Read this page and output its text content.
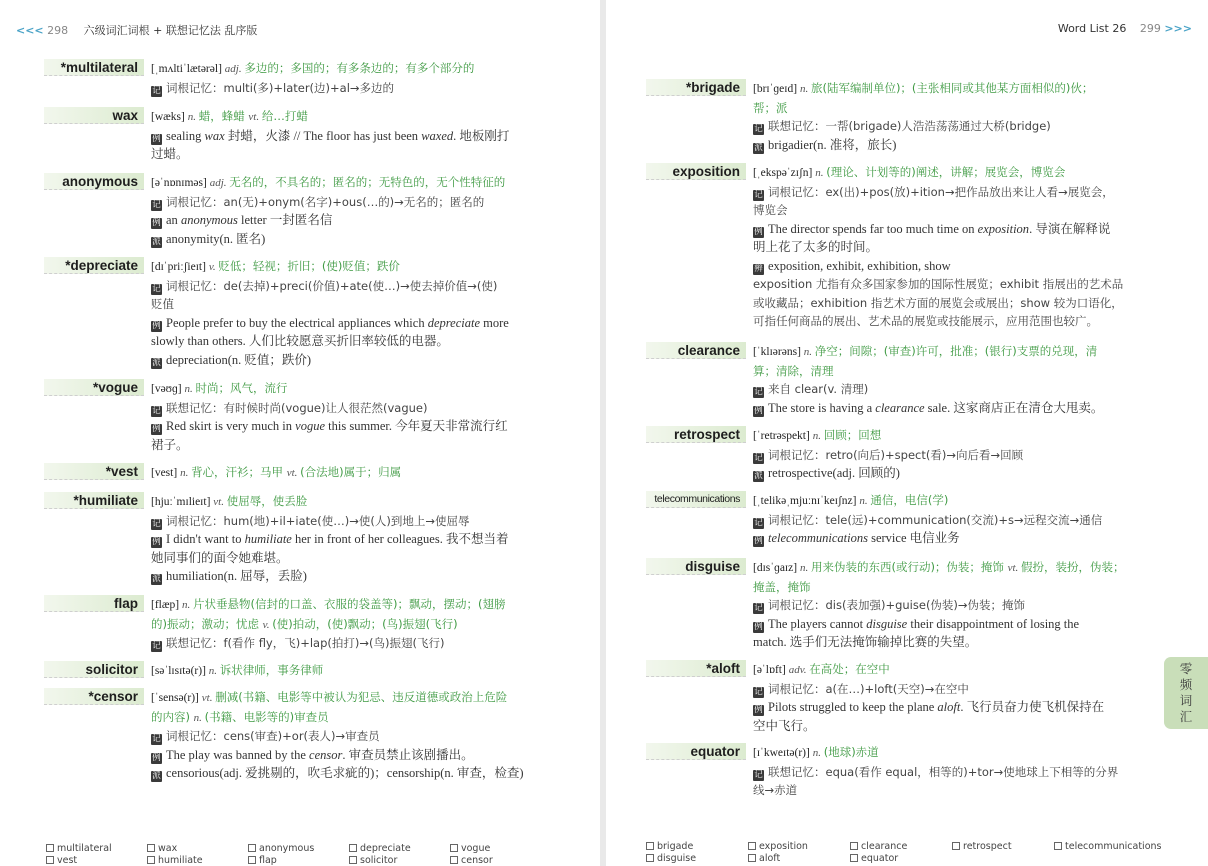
<<< 298 六级词汇词根 + 联想记忆法 乱序版
*multilateral [ˌmʌltiˈlætərəl] adj. 多边的；多国的；有多条边的；有多个部分的
记 词根记忆：multi(多)+later(边)+al→多边的
wax [wæks] n. 蜡，蜂蜡 vt. 给…打蜡
例 sealing wax 封蜡，火漆 // The floor has just been waxed. 地板刚打
过蜡。
anonymous [əˈnɒnɪməs] adj. 无名的，不具名的；匿名的；无特色的，无个性特征的
记 词根记忆：an(无)+onym(名字)+ous(…的)→无名的；匿名的
例 an anonymous letter 一封匿名信
派 anonymity(n. 匿名)
*depreciate [dɪˈpriːʃieɪt] v. 贬低；轻视；折旧；(使)贬值；跌价
记 词根记忆：de(去掉)+preci(价值)+ate(使…)→使去掉价值→(使)
贬值
例 People prefer to buy the electrical appliances which depreciate more
slowly than others. 人们比较愿意买折旧率较低的电器。
派 depreciation(n. 贬值；跌价)
*vogue [vəʊɡ] n. 时尚；风气，流行
记 联想记忆：有时候时尚(vogue)让人很茫然(vague)
例 Red skirt is very much in vogue this summer. 今年夏天非常流行红
裙子。
*vest [vest] n. 背心，汗衫；马甲 vt. (合法地)属于；归属
*humiliate [hjuːˈmɪlieɪt] vt. 使屈辱，使丢脸
记 词根记忆：hum(地)+il+iate(使…)→使(人)到地上→使屈辱
例 I didn't want to humiliate her in front of her colleagues. 我不想当着
她同事们的面令她难堪。
派 humiliation(n. 屈辱，丢脸)
flap [flæp] n. 片状垂悬物(信封的口盖、衣服的袋盖等)；飘动，摆动；(翅膀
的)振动；激动；忧虑 v. (使)拍动，(使)飘动；(鸟)振翅(飞行)
记 联想记忆：f(看作 fly，飞)+lap(拍打)→(鸟)振翅(飞行)
solicitor [səˈlɪsɪtə(r)] n. 诉状律师，事务律师
*censor [ˈsensə(r)] vt. 删减(书籍、电影等中被认为犯忌、违反道德或政治上危险
的内容) n. (书籍、电影等的)审查员
记 词根记忆：cens(审查)+or(表人)→审查员
例 The play was banned by the censor. 审查员禁止该剧播出。
派 censorious(adj. 爱挑剔的，吹毛求疵的)；censorship(n. 审查，检查)
multilateral	wax	anonymous	depreciate	vogue
vest	humiliate	flap	solicitor	censor
Word List 26 299 >>>
*brigade [brɪˈɡeɪd] n. 旅(陆军编制单位)；(主张相同或其他某方面相似的)伙；
帮；派
记 联想记忆：一帮(brigade)人浩浩荡荡通过大桥(bridge)
派 brigadier(n. 准将，旅长)
exposition [ˌekspəˈzɪʃn] n. (理论、计划等的)阐述，讲解；展览会，博览会
记 词根记忆：ex(出)+pos(放)+ition→把作品放出来让人看→展览会，
博览会
例 The director spends far too much time on exposition. 导演在解释说
明上花了太多的时间。
辨 exposition, exhibit, exhibition, show
exposition 尤指有众多国家参加的国际性展览；exhibit 指展出的艺术品
或收藏品；exhibition 指艺术方面的展览会或展出；show 较为口语化，
可指任何商品的展出、艺术品的展览或技能展示，应用范围也较广。
clearance [ˈklɪərəns] n. 净空；间隙；(审查)许可，批准；(银行)支票的兑现，清
算；清除，清理
记 来自 clear(v. 清理)
例 The store is having a clearance sale. 这家商店正在清仓大甩卖。
retrospect [ˈretrəspekt] n. 回顾；回想
记 词根记忆：retro(向后)+spect(看)→向后看→回顾
派 retrospective(adj. 回顾的)
telecommunications [ˌtelikəˌmjuːnɪˈkeɪʃnz] n. 通信，电信(学)
记 词根记忆：tele(远)+communication(交流)+s→远程交流→通信
例 telecommunications service 电信业务
disguise [dɪsˈɡaɪz] n. 用来伪装的东西(或行动)；伪装；掩饰 vt. 假扮，装扮，伪装；
掩盖，掩饰
记 词根记忆：dis(表加强)+guise(伪装)→伪装；掩饰
例 The players cannot disguise their disappointment of losing the
match. 选手们无法掩饰输掉比赛的失望。
*aloft [əˈlɒft] adv. 在高处；在空中
记 词根记忆：a(在…)+loft(天空)→在空中
例 Pilots struggled to keep the plane aloft. 飞行员奋力使飞机保持在
空中飞行。
equator [ɪˈkweɪtə(r)] n. (地球)赤道
记 联想记忆：equa(看作 equal，相等的)+tor→使地球上下相等的分界
线→赤道
brigade	exposition	clearance	retrospect	telecommunications
disguise	aloft	equator
零
频
词
汇
